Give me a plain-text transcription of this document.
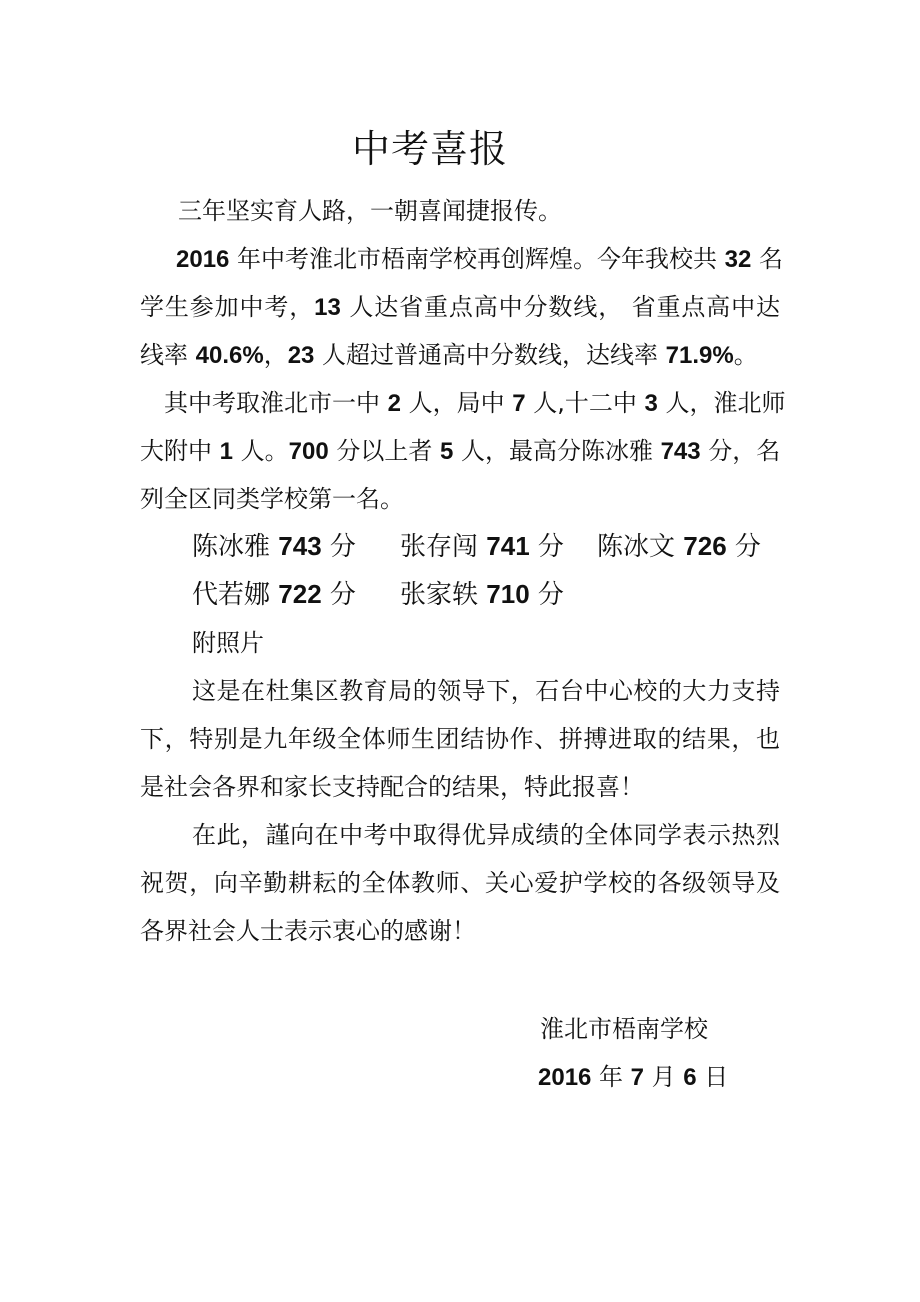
中考喜报
三年坚实育人路，一朝喜闻捷报传。
2016 年中考淮北市梧南学校再创辉煌。今年我校共 32 名
学生参加中考，13 人达省重点高中分数线， 省重点高中达
线率 40.6%，23 人超过普通高中分数线，达线率 71.9%。
其中考取淮北市一中 2 人，局中 7 人,十二中 3 人，淮北师
大附中 1 人。700 分以上者 5 人，最高分陈冰雅 743 分，名
列全区同类学校第一名。
陈冰雅 743 分 张存闯 741 分 陈冰文 726 分
代若娜 722 分 张家轶 710 分
附照片
这是在杜集区教育局的领导下，石台中心校的大力支持
下，特别是九年级全体师生团结协作、拼搏进取的结果，也
是社会各界和家长支持配合的结果，特此报喜！
在此，謹向在中考中取得优异成绩的全体同学表示热烈
祝贺，向辛勤耕耘的全体教师、关心爱护学校的各级领导及
各界社会人士表示衷心的感谢！
淮北市梧南学校
2016 年 7 月 6 日
